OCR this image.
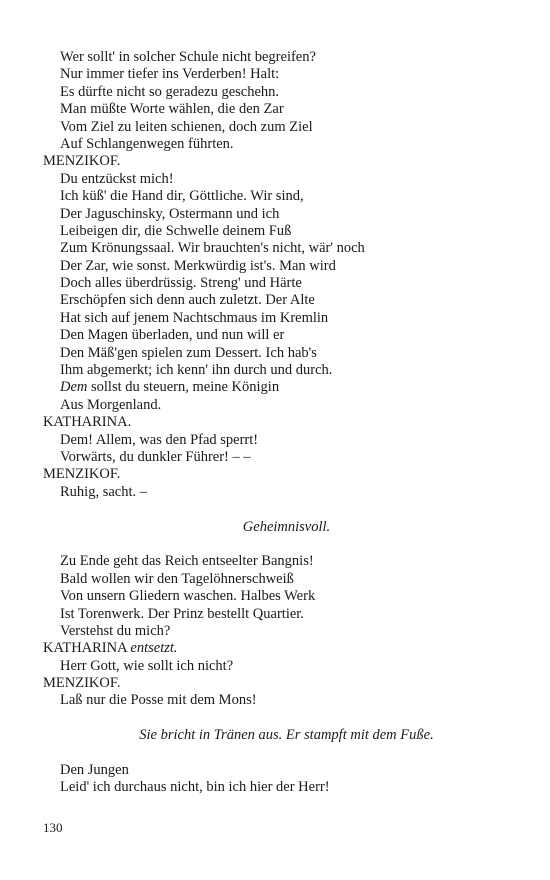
Wer sollt' in solcher Schule nicht begreifen?
Nur immer tiefer ins Verderben! Halt:
Es dürfte nicht so geradezu geschehn.
Man müßte Worte wählen, die den Zar
Vom Ziel zu leiten schienen, doch zum Ziel
Auf Schlangenwegen führten.
MENZIKOF.
Du entzückst mich!
Ich küß' die Hand dir, Göttliche. Wir sind,
Der Jaguschinsky, Ostermann und ich
Leibeigen dir, die Schwelle deinem Fuß
Zum Krönungssaal. Wir brauchten's nicht, wär' noch
Der Zar, wie sonst. Merkwürdig ist's. Man wird
Doch alles überdrüssig. Streng' und Härte
Erschöpfen sich denn auch zuletzt. Der Alte
Hat sich auf jenem Nachtschmaus im Kremlin
Den Magen überladen, und nun will er
Den Mäß'gen spielen zum Dessert. Ich hab's
Ihm abgemerkt; ich kenn' ihn durch und durch.
Dem sollst du steuern, meine Königin
Aus Morgenland.
KATHARINA.
Dem! Allem, was den Pfad sperrt!
Vorwärts, du dunkler Führer! – –
MENZIKOF.
Ruhig, sacht. –
Geheimnisvoll.
Zu Ende geht das Reich entseelter Bangnis!
Bald wollen wir den Tagelöhnerschweiß
Von unsern Gliedern waschen. Halbes Werk
Ist Torenwerk. Der Prinz bestellt Quartier.
Verstehst du mich?
KATHARINA entsetzt.
Herr Gott, wie sollt ich nicht?
MENZIKOF.
Laß nur die Posse mit dem Mons!
Sie bricht in Tränen aus. Er stampft mit dem Fuße.
Den Jungen
Leid' ich durchaus nicht, bin ich hier der Herr!
130
